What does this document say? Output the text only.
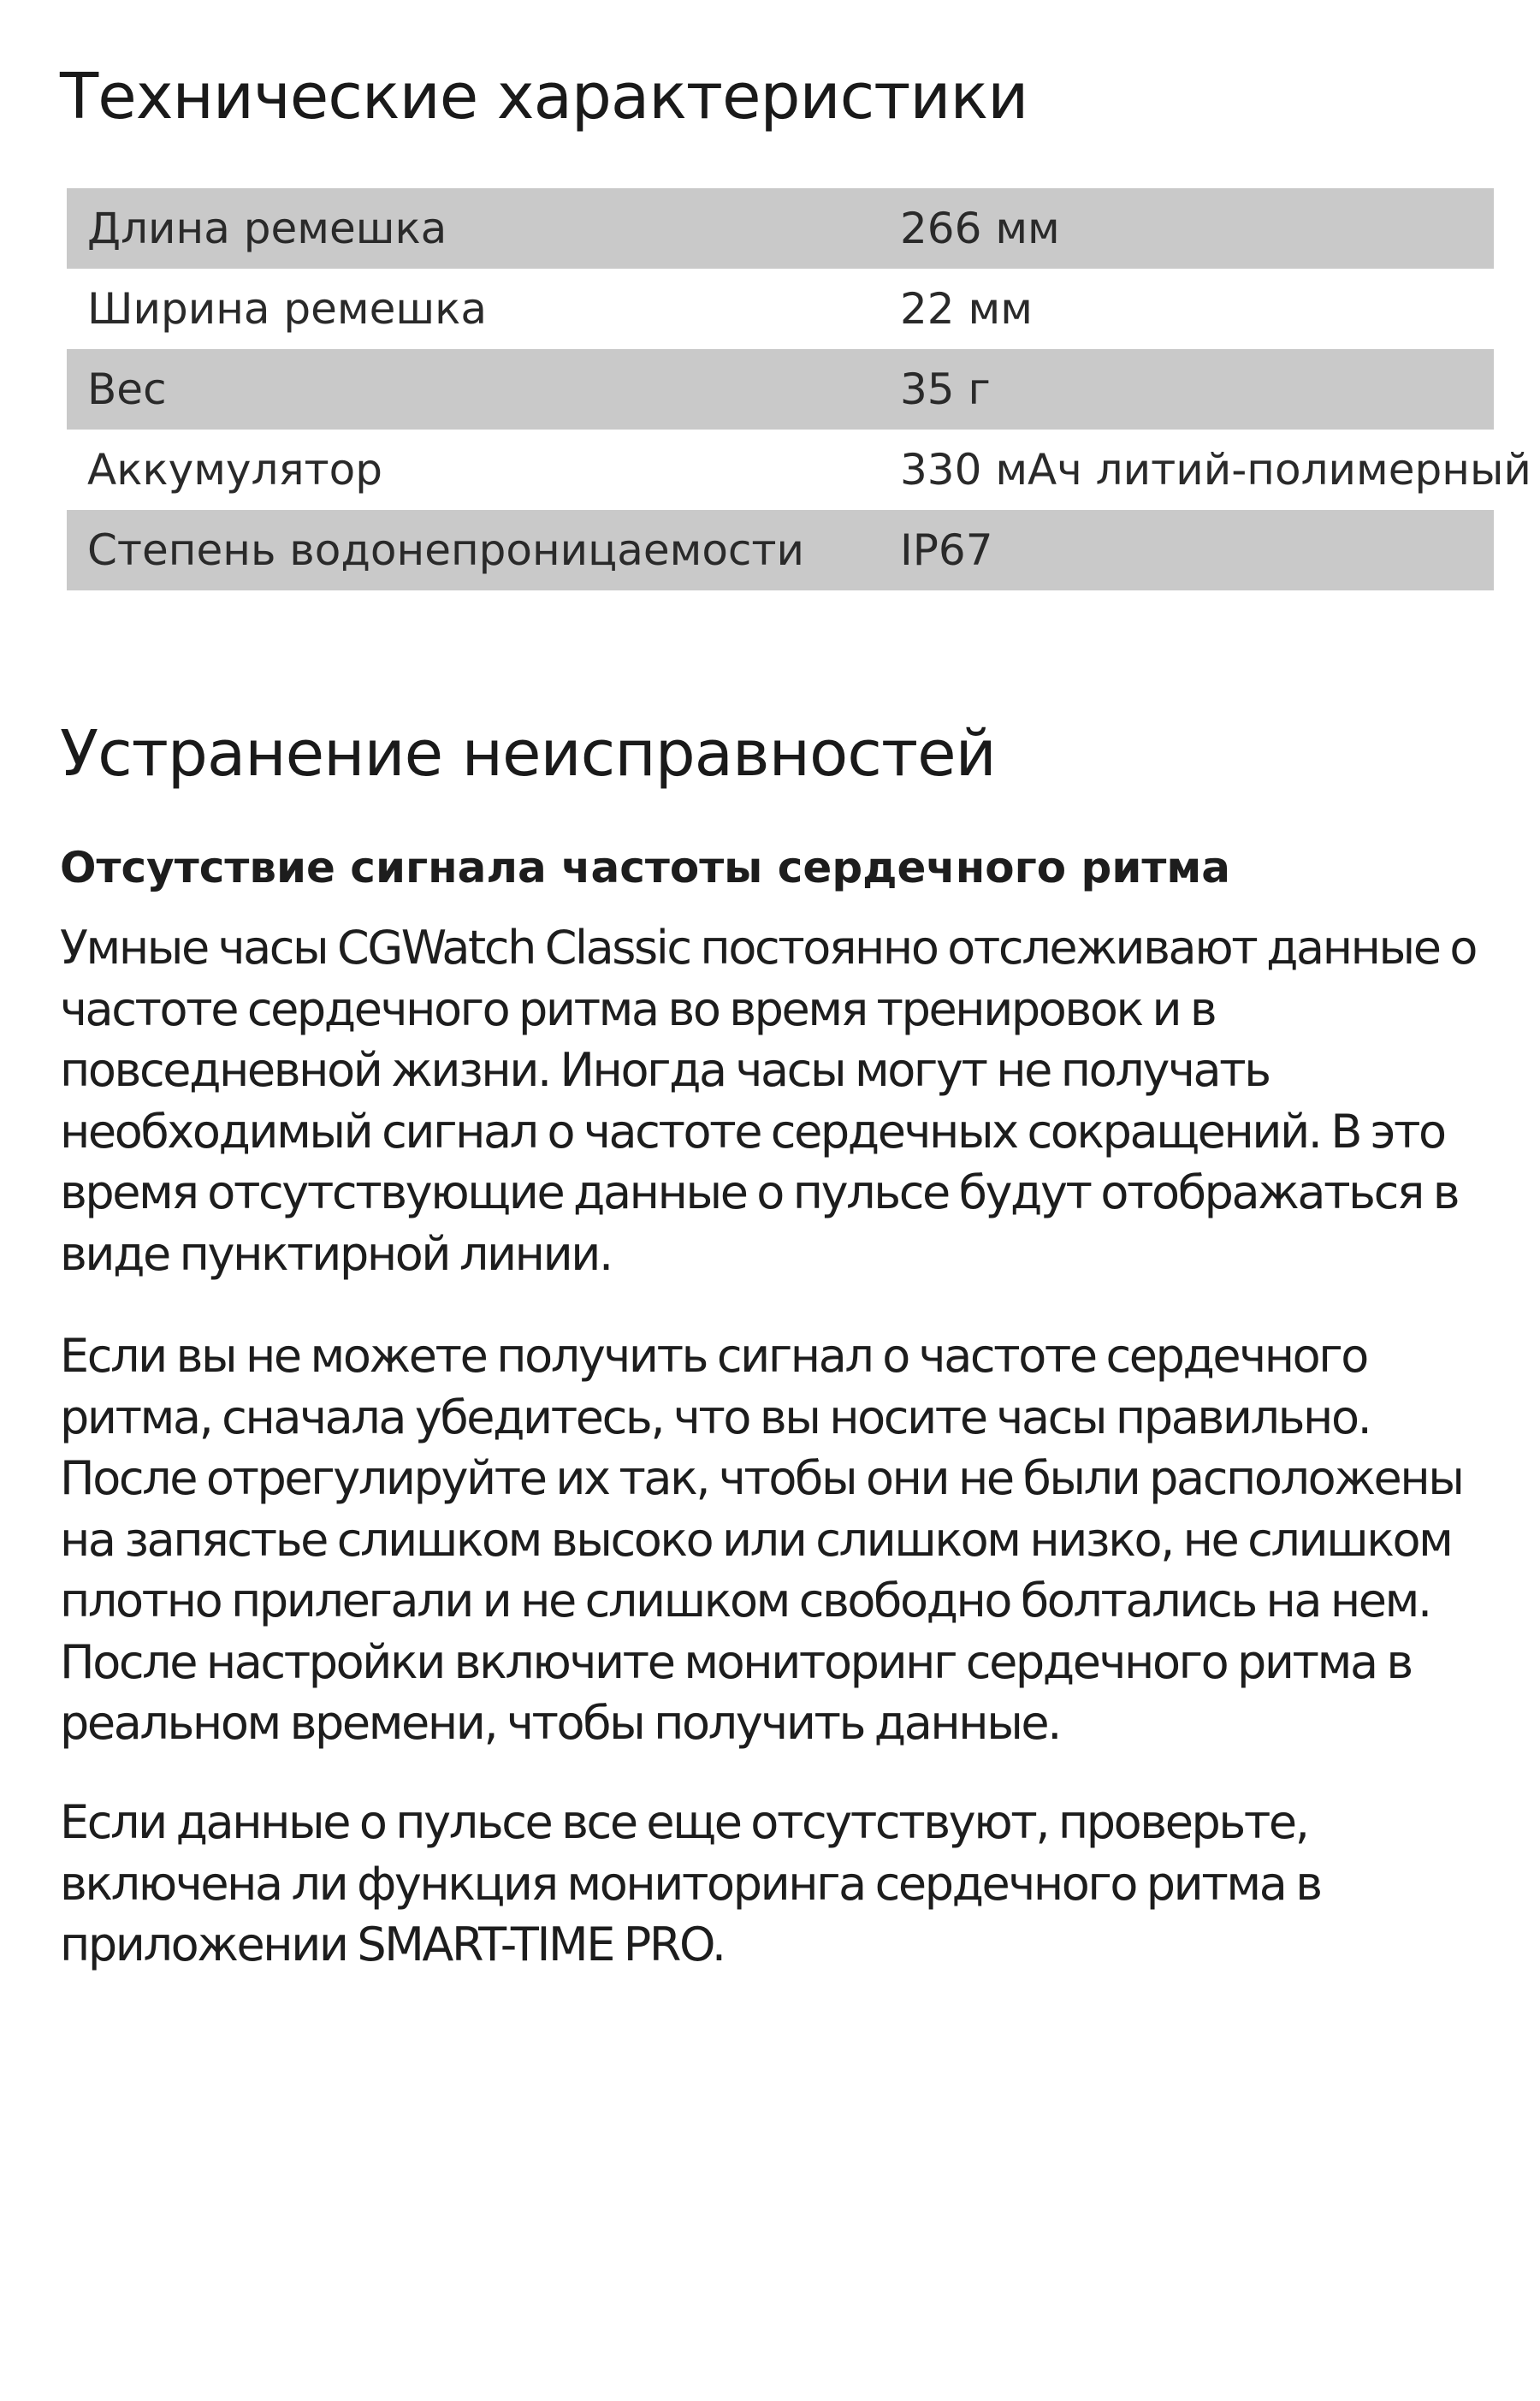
Технические характеристики
Длина ремешка	266 мм
Ширина ремешка	22 мм
Вес	35 г
Аккумулятор	330 мАч литий-полимерный
Степень водонепроницаемости	IP67
Устранение неисправностей
Отсутствие сигнала частоты сердечного ритма

Умные часы CGWatch Classic постоянно отслеживают данные о частоте сердечного ритма во время тренировок и в повседневной жизни. Иногда часы могут не получать необходимый сигнал о частоте сердечных сокращений. В это время отсутствующие данные о пульсе будут отображаться в виде пунктирной линии.

Если вы не можете получить сигнал о частоте сердечного ритма, сначала убедитесь, что вы носите часы правильно. После отрегулируйте их так, чтобы они не были расположены на запястье слишком высоко или слишком низко, не слишком плотно прилегали и не слишком свободно болтались на нем. После настройки включите мониторинг сердечного ритма в реальном времени, чтобы получить данные.

Если данные о пульсе все еще отсутствуют, проверьте, включена ли функция мониторинга сердечного ритма в приложении SMART-TIME PRO.
